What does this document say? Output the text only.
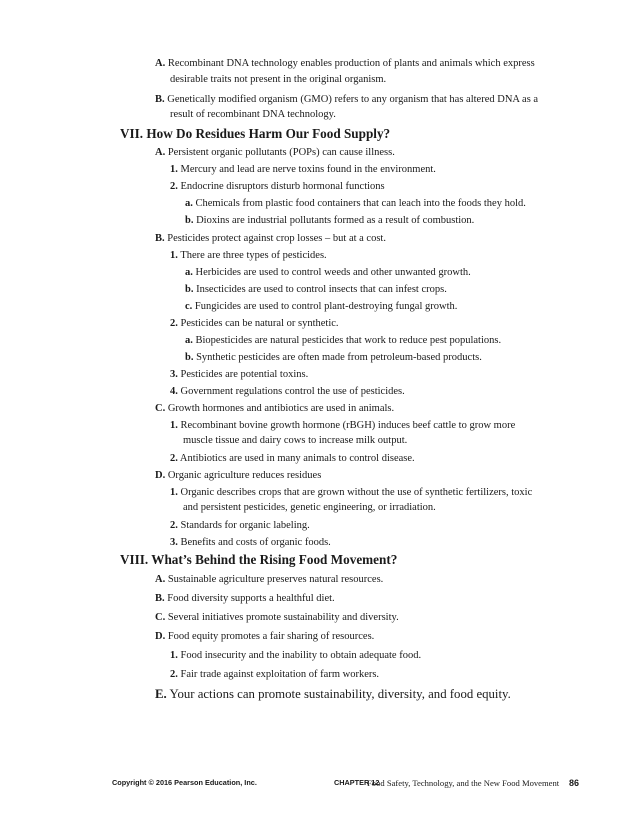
A. Recombinant DNA technology enables production of plants and animals which express
desirable traits not present in the original organism.
B. Genetically modified organism (GMO) refers to any organism that has altered DNA as a
result of recombinant DNA technology.
VII. How Do Residues Harm Our Food Supply?
A. Persistent organic pollutants (POPs) can cause illness.
1. Mercury and lead are nerve toxins found in the environment.
2. Endocrine disruptors disturb hormonal functions
a. Chemicals from plastic food containers that can leach into the foods they hold.
b. Dioxins are industrial pollutants formed as a result of combustion.
B. Pesticides protect against crop losses – but at a cost.
1. There are three types of pesticides.
a. Herbicides are used to control weeds and other unwanted growth.
b. Insecticides are used to control insects that can infest crops.
c. Fungicides are used to control plant-destroying fungal growth.
2. Pesticides can be natural or synthetic.
a. Biopesticides are natural pesticides that work to reduce pest populations.
b. Synthetic pesticides are often made from petroleum-based products.
3. Pesticides are potential toxins.
4. Government regulations control the use of pesticides.
C. Growth hormones and antibiotics are used in animals.
1. Recombinant bovine growth hormone (rBGH) induces beef cattle to grow more
muscle tissue and dairy cows to increase milk output.
2. Antibiotics are used in many animals to control disease.
D. Organic agriculture reduces residues
1. Organic describes crops that are grown without the use of synthetic fertilizers, toxic
and persistent pesticides, genetic engineering, or irradiation.
2. Standards for organic labeling.
3. Benefits and costs of organic foods.
VIII. What’s Behind the Rising Food Movement?
A. Sustainable agriculture preserves natural resources.
B. Food diversity supports a healthful diet.
C. Several initiatives promote sustainability and diversity.
D. Food equity promotes a fair sharing of resources.
1. Food insecurity and the inability to obtain adequate food.
2. Fair trade against exploitation of farm workers.
E. Your actions can promote sustainability, diversity, and food equity.
Copyright © 2016 Pearson Education, Inc.	CHAPTER 12
Food Safety, Technology, and the New Food Movement 86
